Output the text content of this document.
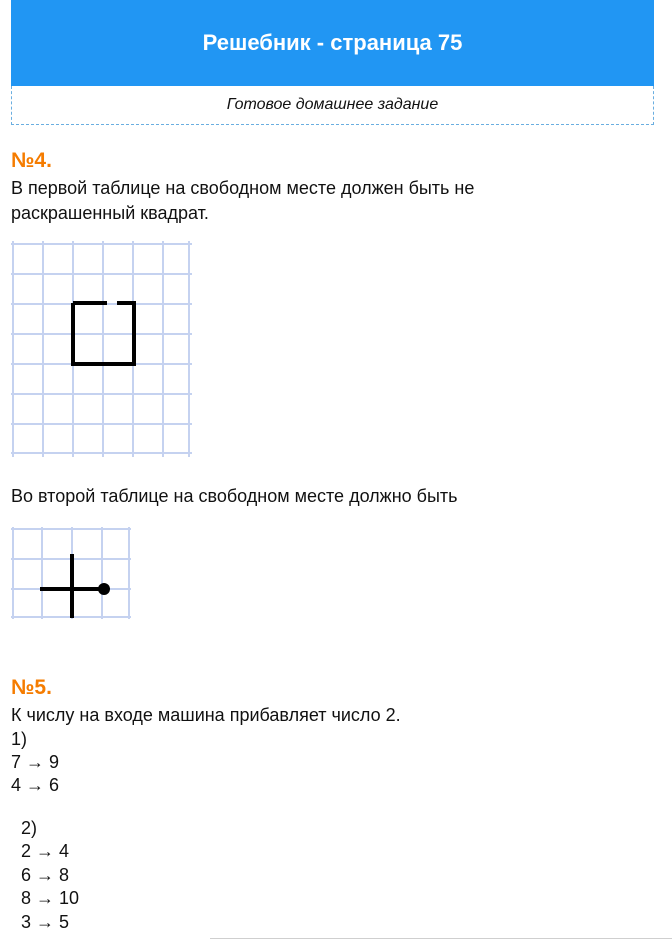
Решебник - страница 75
Готовое домашнее задание
№4.
В первой таблице на свободном месте должен быть не
раскрашенный квадрат.
Во второй таблице на свободном месте должно быть
№5.
К числу на входе машина прибавляет число 2.
1)
7 → 9
4 → 6
2)
2 → 4
6 → 8
8 → 10
3 → 5
